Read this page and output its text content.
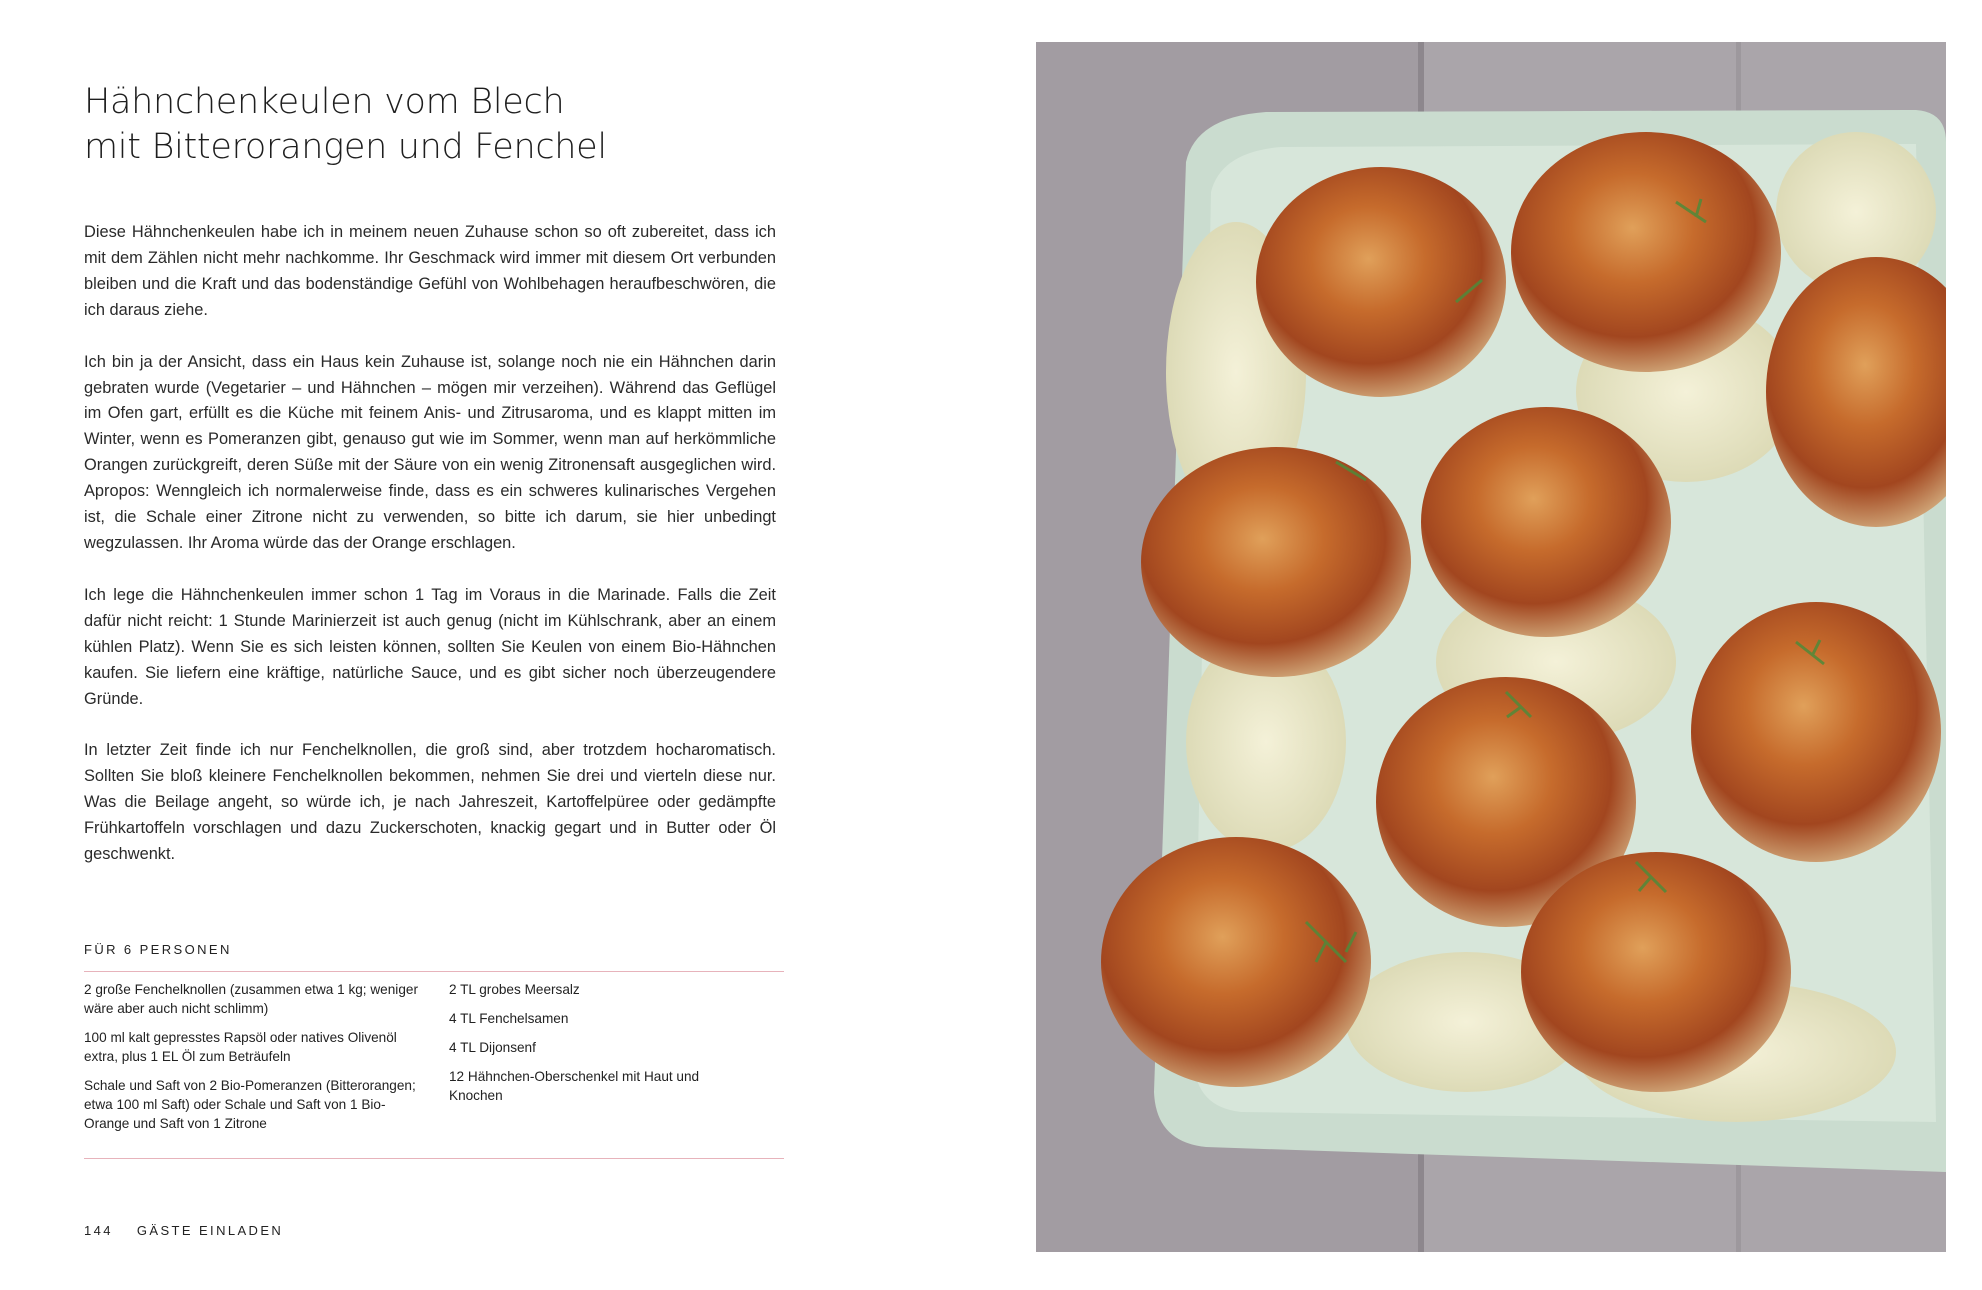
Hähnchenkeulen vom Blech
mit Bitterorangen und Fenchel

Diese Hähnchenkeulen habe ich in meinem neuen Zuhause schon so oft zubereitet, dass ich mit dem Zählen nicht mehr nachkomme. Ihr Geschmack wird immer mit diesem Ort verbunden bleiben und die Kraft und das bodenständige Gefühl von Wohlbehagen heraufbeschwören, die ich daraus ziehe.

Ich bin ja der Ansicht, dass ein Haus kein Zuhause ist, solange noch nie ein Hähnchen darin gebraten wurde (Vegetarier – und Hähnchen – mögen mir verzeihen). Während das Geflügel im Ofen gart, erfüllt es die Küche mit feinem Anis- und Zitrusaroma, und es klappt mitten im Winter, wenn es Pomeranzen gibt, genauso gut wie im Sommer, wenn man auf herkömmliche Orangen zurückgreift, deren Süße mit der Säure von ein wenig Zitronensaft ausgeglichen wird. Apropos: Wenngleich ich normalerweise finde, dass es ein schweres kulinarisches Vergehen ist, die Schale einer Zitrone nicht zu verwenden, so bitte ich darum, sie hier unbedingt wegzulassen. Ihr Aroma würde das der Orange erschlagen.

Ich lege die Hähnchenkeulen immer schon 1 Tag im Voraus in die Marinade. Falls die Zeit dafür nicht reicht: 1 Stunde Marinierzeit ist auch genug (nicht im Kühlschrank, aber an einem kühlen Platz). Wenn Sie es sich leisten können, sollten Sie Keulen von einem Bio-Hähnchen kaufen. Sie liefern eine kräftige, natürliche Sauce, und es gibt sicher noch überzeugendere Gründe.

In letzter Zeit finde ich nur Fenchelknollen, die groß sind, aber trotzdem hocharomatisch. Sollten Sie bloß kleinere Fenchelknollen bekommen, nehmen Sie drei und vierteln diese nur. Was die Beilage angeht, so würde ich, je nach Jahreszeit, Kartoffelpüree oder gedämpfte Frühkartoffeln vorschlagen und dazu Zuckerschoten, knackig gegart und in Butter oder Öl geschwenkt.

FÜR 6 PERSONEN
2 große Fenchelknollen (zusammen etwa 1 kg; weniger wäre aber auch nicht schlimm)
100 ml kalt gepresstes Rapsöl oder natives Olivenöl extra, plus 1 EL Öl zum Beträufeln
Schale und Saft von 2 Bio-Pomeranzen (Bitterorangen; etwa 100 ml Saft) oder Schale und Saft von 1 Bio-Orange und Saft von 1 Zitrone
2 TL grobes Meersalz
4 TL Fenchelsamen
4 TL Dijonsenf
12 Hähnchen-Oberschenkel mit Haut und Knochen
144 GÄSTE EINLADEN
